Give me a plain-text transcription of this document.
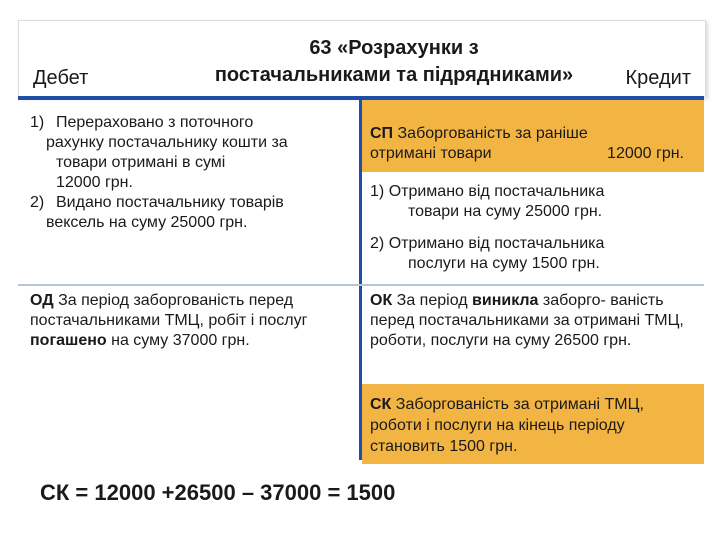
63 «Розрахунки з
постачальниками та підрядниками»
Дебет	Кредит
1) Перераховано з поточного
рахунку постачальнику кошти за
товари отримані в сумі
12000 грн.
2) Видано постачальнику товарів
вексель на суму 25000 грн.
ОД За період заборгованість перед постачальниками ТМЦ, робіт і послуг погашено на суму 37000 грн.
СП Заборгованість за раніше
отримані товари	12000 грн.
1) Отримано від постачальника
товари на суму 25000 грн.
2) Отримано від постачальника
послуги на суму 1500 грн.
ОК За період виникла заборго- ваність перед постачальниками за отримані ТМЦ, роботи, послуги на суму 26500 грн.
СК Заборгованість за отримані ТМЦ, роботи і послуги на кінець періоду становить 1500 грн.
СК = 12000 +26500 – 37000 = 1500
